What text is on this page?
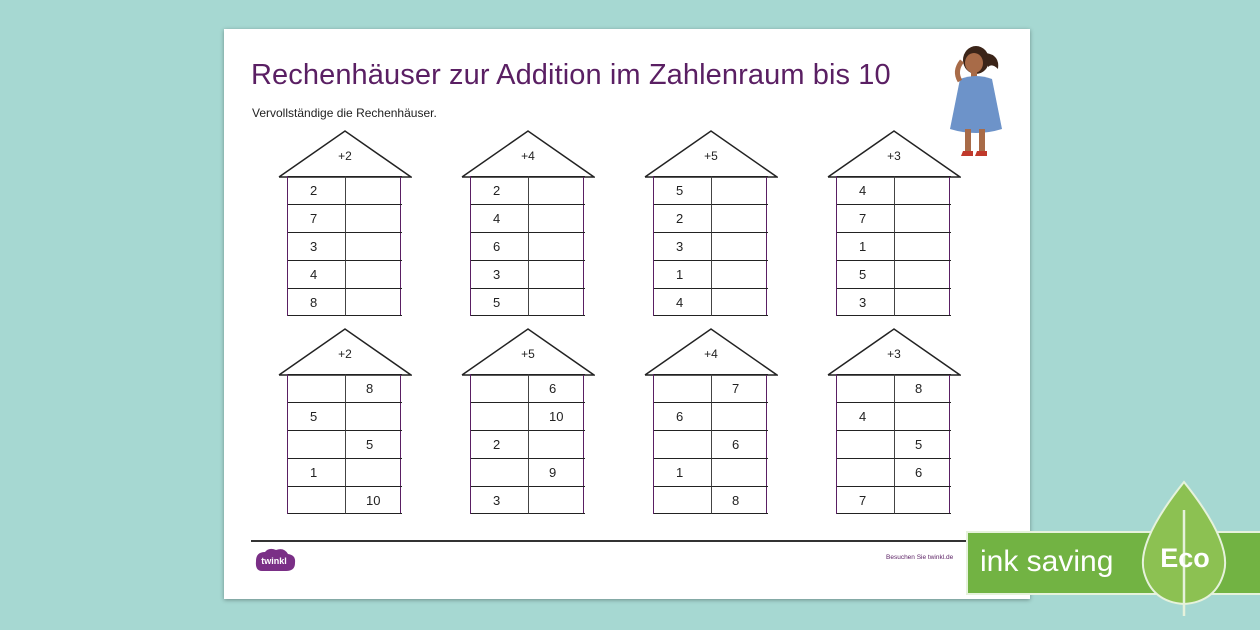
Rechenhäuser zur Addition im Zahlenraum bis 10
Vervollständige die Rechenhäuser.
+2
2
7
3
4
8
+4
2
4
6
3
5
+5
5
2
3
1
4
+3
4
7
1
5
3
+2
8
5
5
1
10
+5
6
10
2
9
3
+4
7
6
6
1
8
+3
8
4
5
6
7
twinkl	Besuchen Sie twinkl.de ink saving Eco
